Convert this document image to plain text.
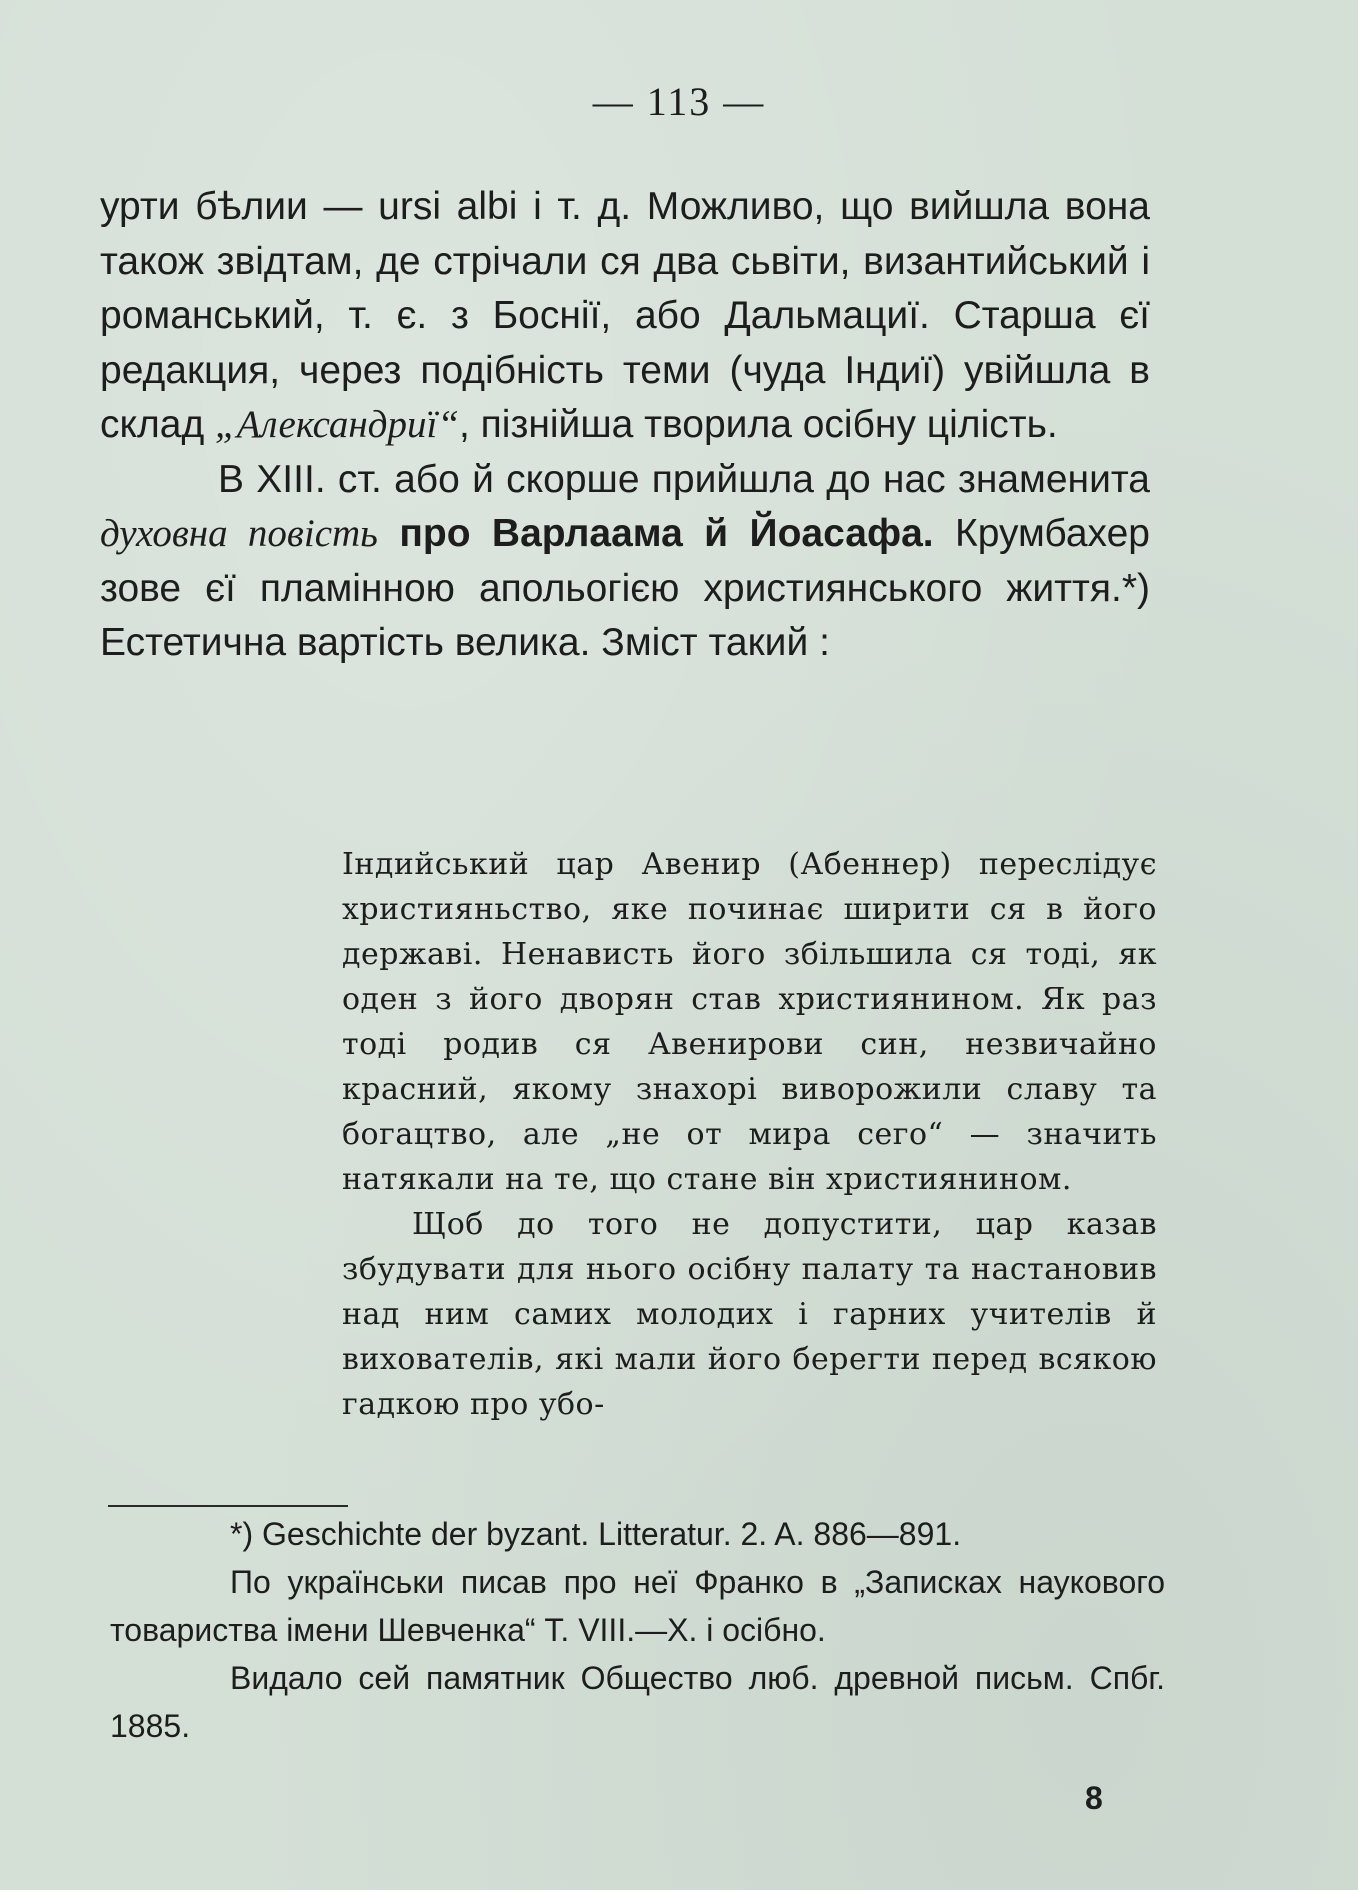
— 113 —

урти бѣлии — ursi albi і т. д. Можливо, що вийшла вона також звідтам, де стрічали ся два сьвіти, византийський і романський, т. є. з Боснії, або Дальмациї. Старша єї редакция, через подібність теми (чуда Індиї) увійшла в склад „Александриї“, пізнійша творила осібну цілість.

В XIII. ст. або й скорше прийшла до нас знаменита духовна повість про Варлаама й Йоасафа. Крумбахер зове єї пламінною апольогією християнського життя.*) Естетична вартість велика. Зміст такий :

Індийський цар Авенир (Абеннер) переслідує християньство, яке починає ширити ся в його державі. Ненависть його збільшила ся тоді, як оден з його дворян став християнином. Як раз тоді родив ся Авенирови син, незвичайно красний, якому знахорі виворожили славу та богацтво, але „не от мира сего“ — значить натякали на те, що стане він християнином.

Щоб до того не допустити, цар казав збудувати для нього осібну палату та настановив над ним самих молодих і гарних учителів й вихователів, які мали його берегти перед всякою гадкою про убо-

*) Geschichte der byzant. Litteratur. 2. A. 886—891.

По українськи писав про неї Франко в „Записках наукового товариства імени Шевченка“ Т. VIII.—X. і осібно.

Видало сей памятник Общество люб. древной письм. Спбг. 1885.

8
